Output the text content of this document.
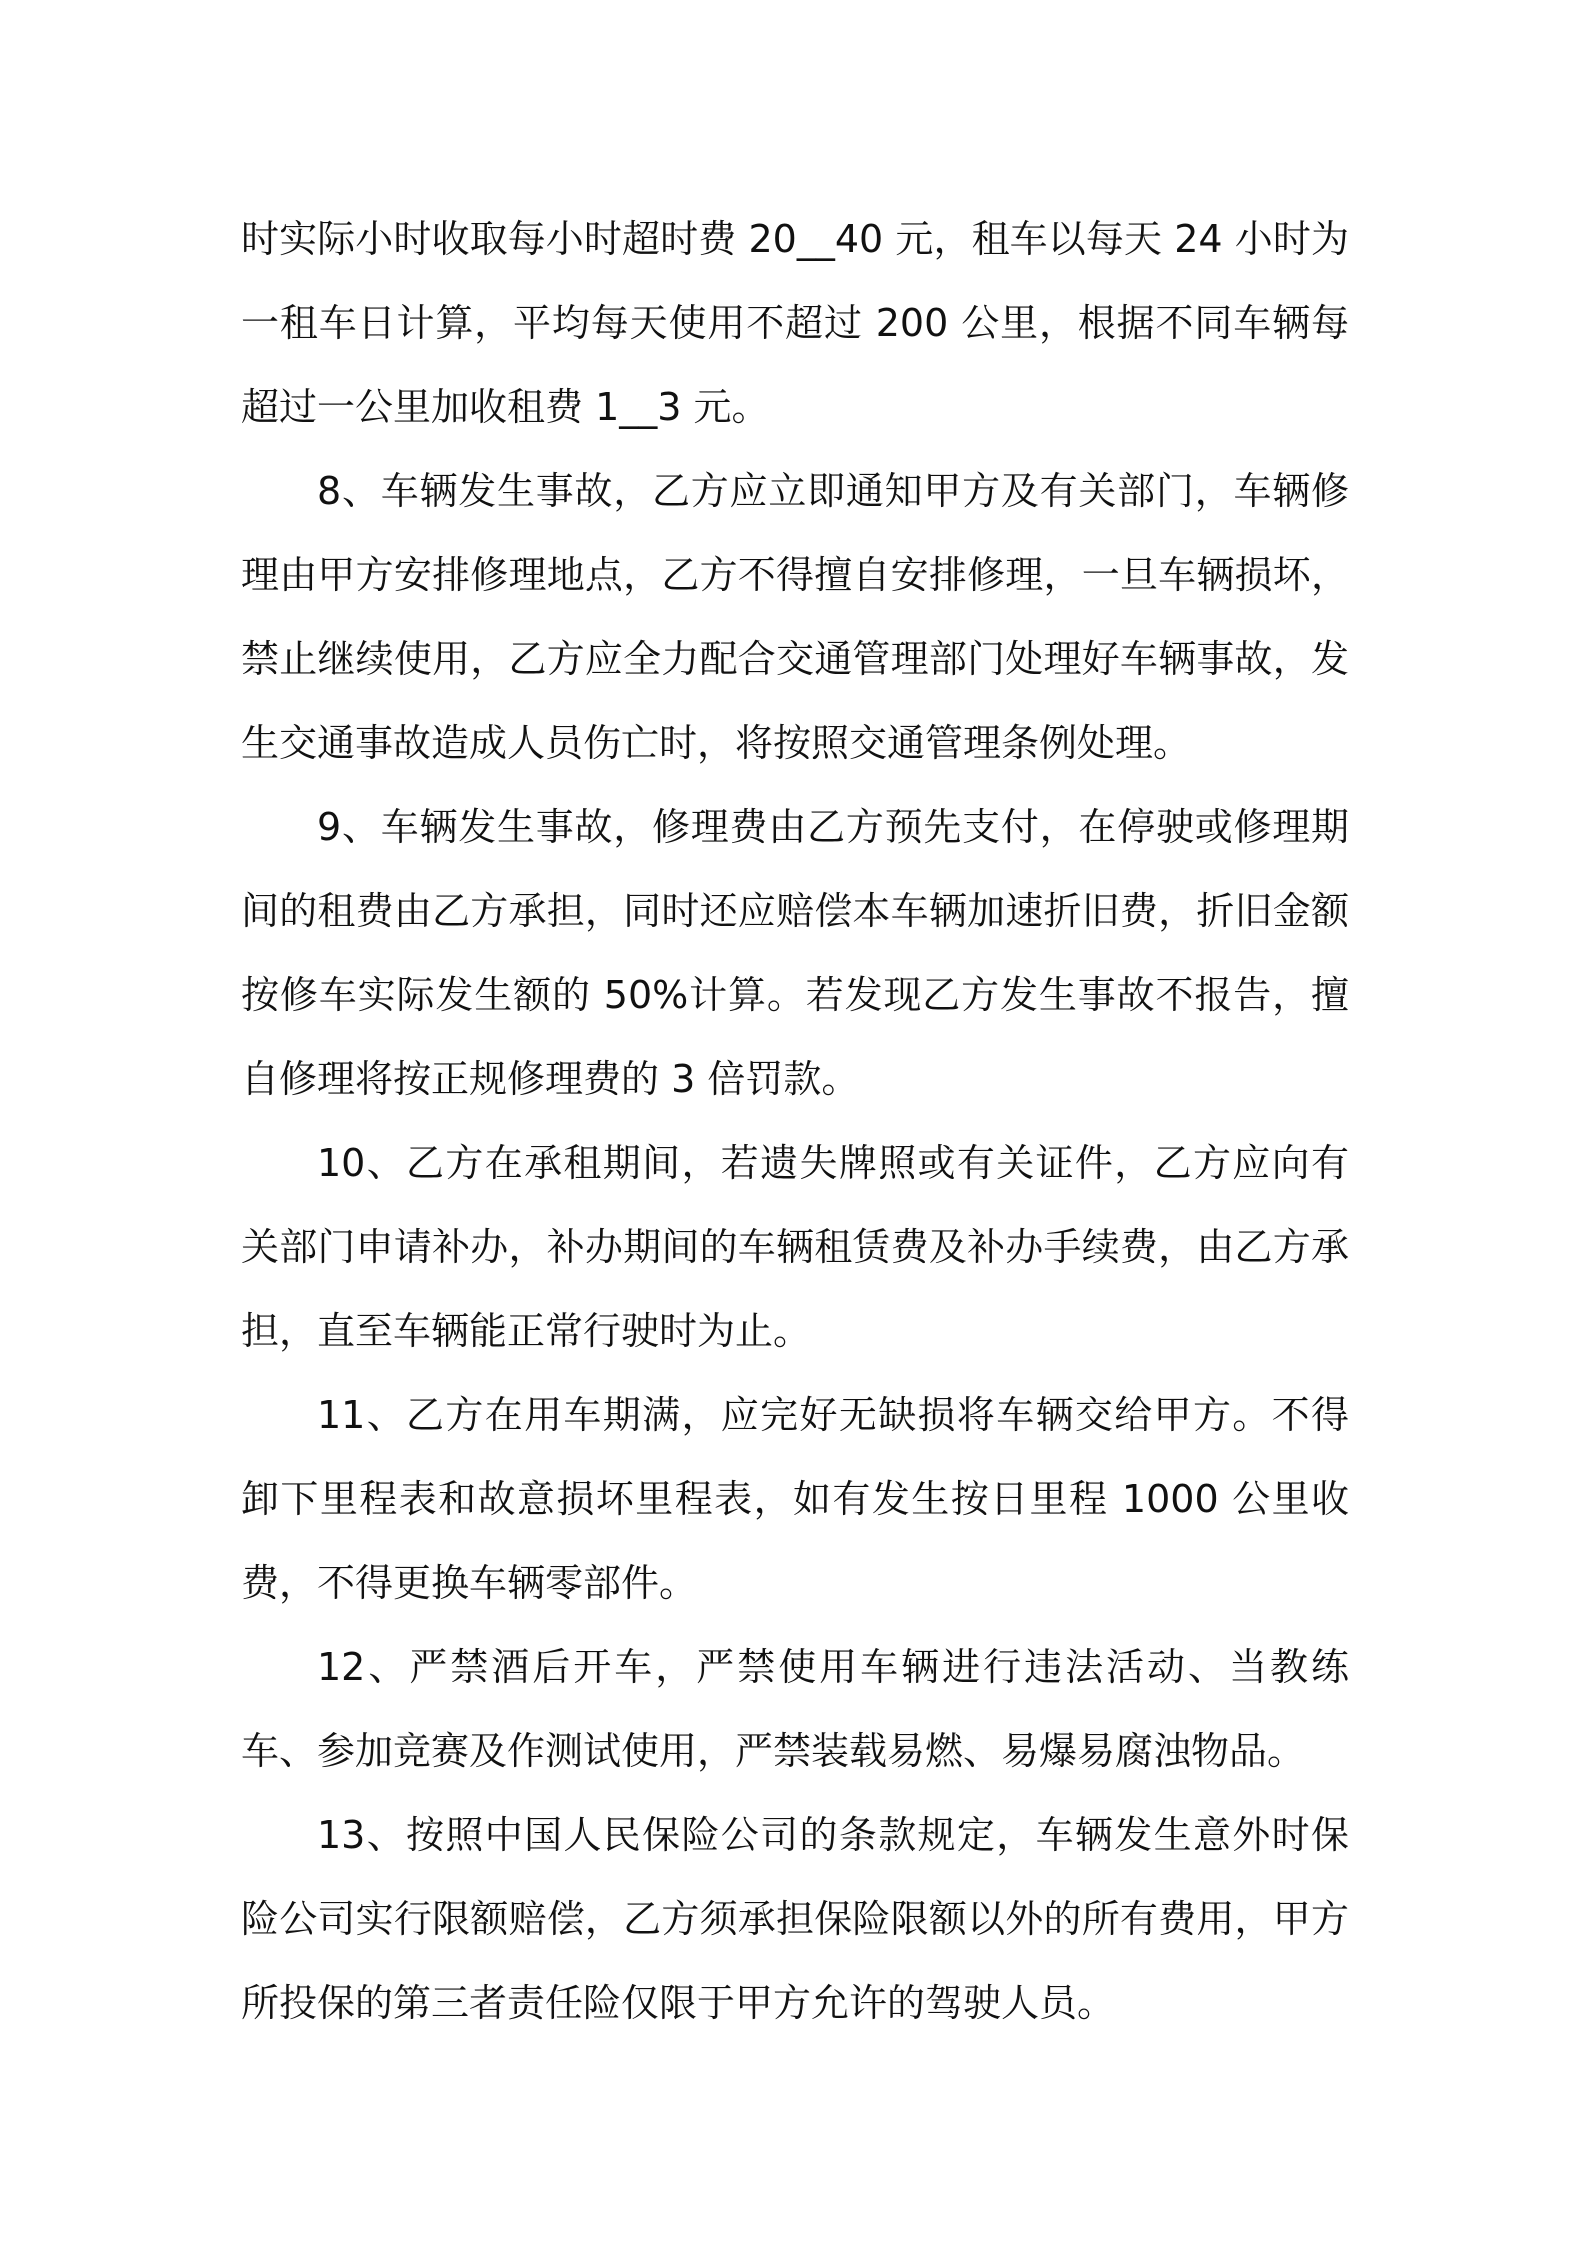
时实际小时收取每小时超时费 20__40 元，租车以每天 24 小时为一租车日计算，平均每天使用不超过 200 公里，根据不同车辆每超过一公里加收租费 1__3 元。

8、车辆发生事故，乙方应立即通知甲方及有关部门，车辆修理由甲方安排修理地点，乙方不得擅自安排修理，一旦车辆损坏，禁止继续使用，乙方应全力配合交通管理部门处理好车辆事故，发生交通事故造成人员伤亡时，将按照交通管理条例处理。

9、车辆发生事故，修理费由乙方预先支付，在停驶或修理期间的租费由乙方承担，同时还应赔偿本车辆加速折旧费，折旧金额按修车实际发生额的 50%计算。若发现乙方发生事故不报告，擅自修理将按正规修理费的 3 倍罚款。

10、乙方在承租期间，若遗失牌照或有关证件，乙方应向有关部门申请补办，补办期间的车辆租赁费及补办手续费，由乙方承担，直至车辆能正常行驶时为止。

11、乙方在用车期满，应完好无缺损将车辆交给甲方。不得卸下里程表和故意损坏里程表，如有发生按日里程 1000 公里收费，不得更换车辆零部件。

12、严禁酒后开车，严禁使用车辆进行违法活动、当教练车、参加竞赛及作测试使用，严禁装载易燃、易爆易腐浊物品。

13、按照中国人民保险公司的条款规定，车辆发生意外时保险公司实行限额赔偿，乙方须承担保险限额以外的所有费用，甲方所投保的第三者责任险仅限于甲方允许的驾驶人员。
